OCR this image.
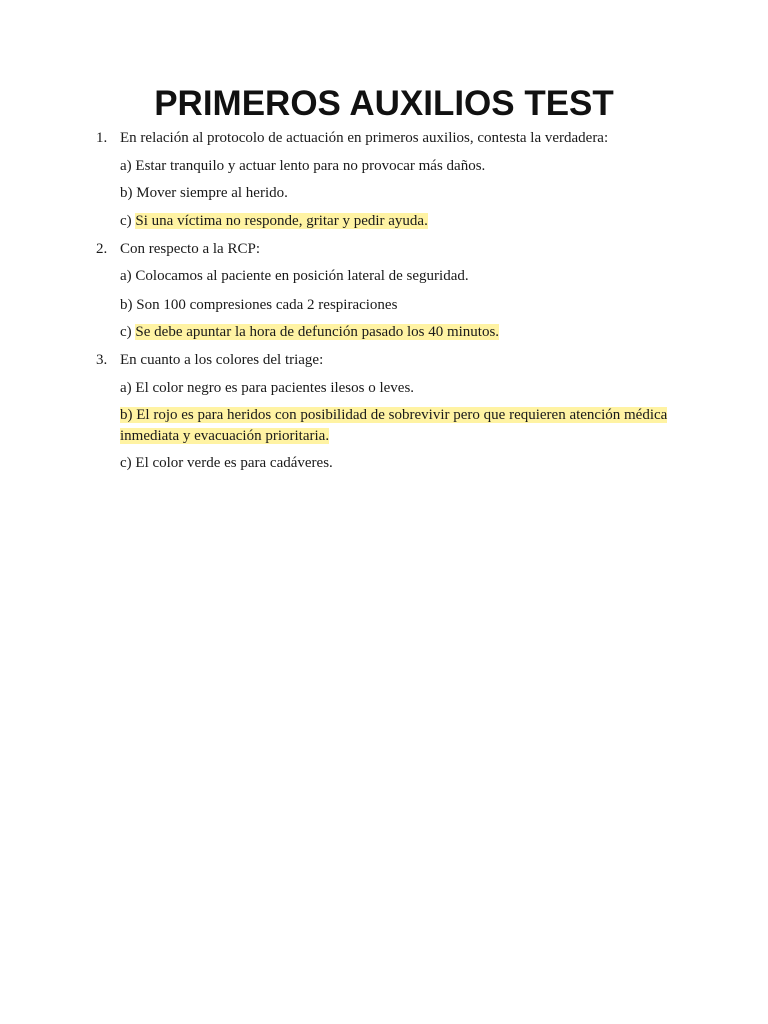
PRIMEROS AUXILIOS TEST
1. En relación al protocolo de actuación en primeros auxilios, contesta la verdadera:
a) Estar tranquilo y actuar lento para no provocar más daños.
b) Mover siempre al herido.
c) Si una víctima no responde, gritar y pedir ayuda.
2. Con respecto a la RCP:
a) Colocamos al paciente en posición lateral de seguridad.
b) Son 100 compresiones cada 2 respiraciones
c) Se debe apuntar la hora de defunción pasado los 40 minutos.
3. En cuanto a los colores del triage:
a) El color negro es para pacientes ilesos o leves.
b) El rojo es para heridos con posibilidad de sobrevivir pero que requieren atención médica
inmediata y evacuación prioritaria.
c) El color verde es para cadáveres.
